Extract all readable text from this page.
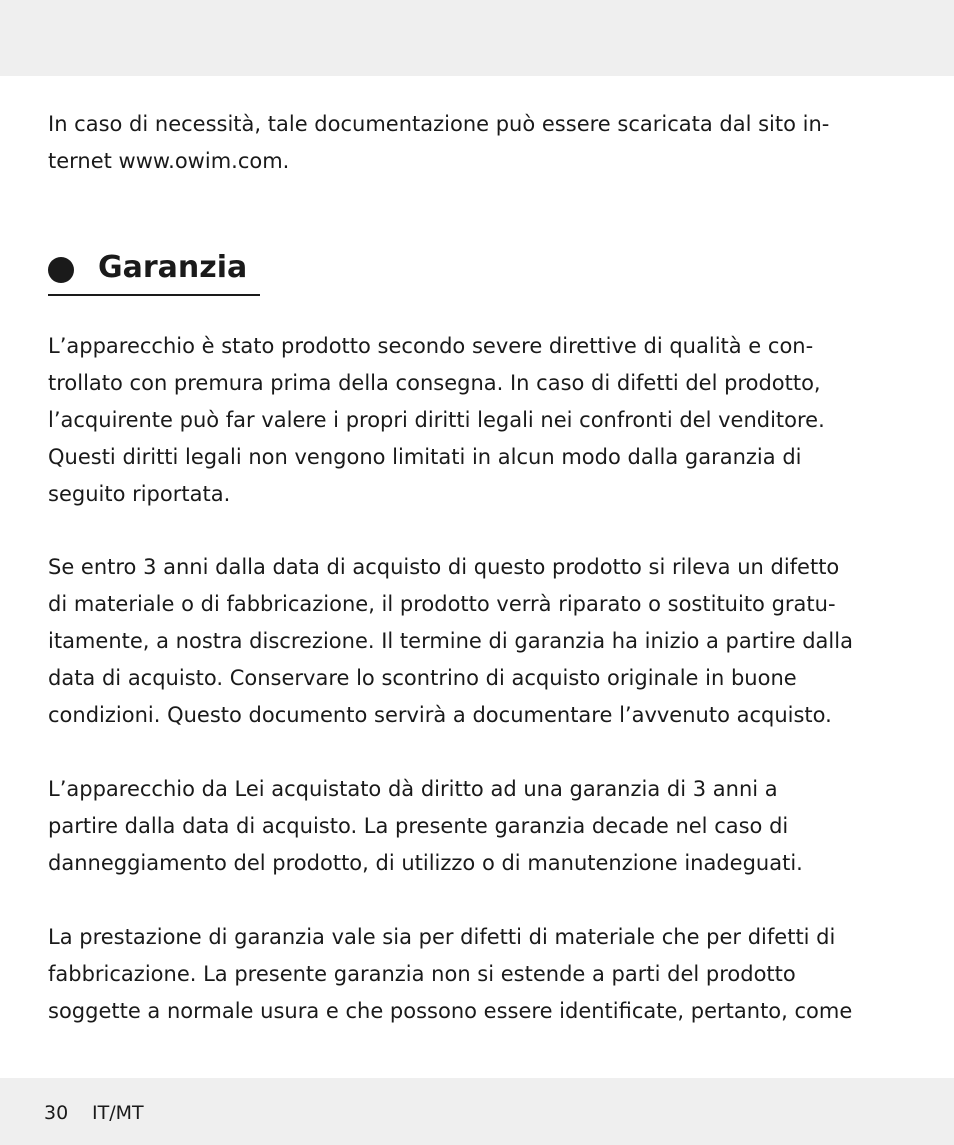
In caso di necessità, tale documentazione può essere scaricata dal sito in-
ternet www.owim.com.
Garanzia
L’apparecchio è stato prodotto secondo severe direttive di qualità e con-
trollato con premura prima della consegna. In caso di difetti del prodotto,
l’acquirente può far valere i propri diritti legali nei confronti del venditore.
Questi diritti legali non vengono limitati in alcun modo dalla garanzia di
seguito riportata.
Se entro 3 anni dalla data di acquisto di questo prodotto si rileva un difetto
di materiale o di fabbricazione, il prodotto verrà riparato o sostituito gratu-
itamente, a nostra discrezione. Il termine di garanzia ha inizio a partire dalla
data di acquisto. Conservare lo scontrino di acquisto originale in buone
condizioni. Questo documento servirà a documentare l’avvenuto acquisto.
L’apparecchio da Lei acquistato dà diritto ad una garanzia di 3 anni a
partire dalla data di acquisto. La presente garanzia decade nel caso di
danneggiamento del prodotto, di utilizzo o di manutenzione inadeguati.
La prestazione di garanzia vale sia per difetti di materiale che per difetti di
fabbricazione. La presente garanzia non si estende a parti del prodotto
soggette a normale usura e che possono essere identificate, pertanto, come
30 IT/MT
